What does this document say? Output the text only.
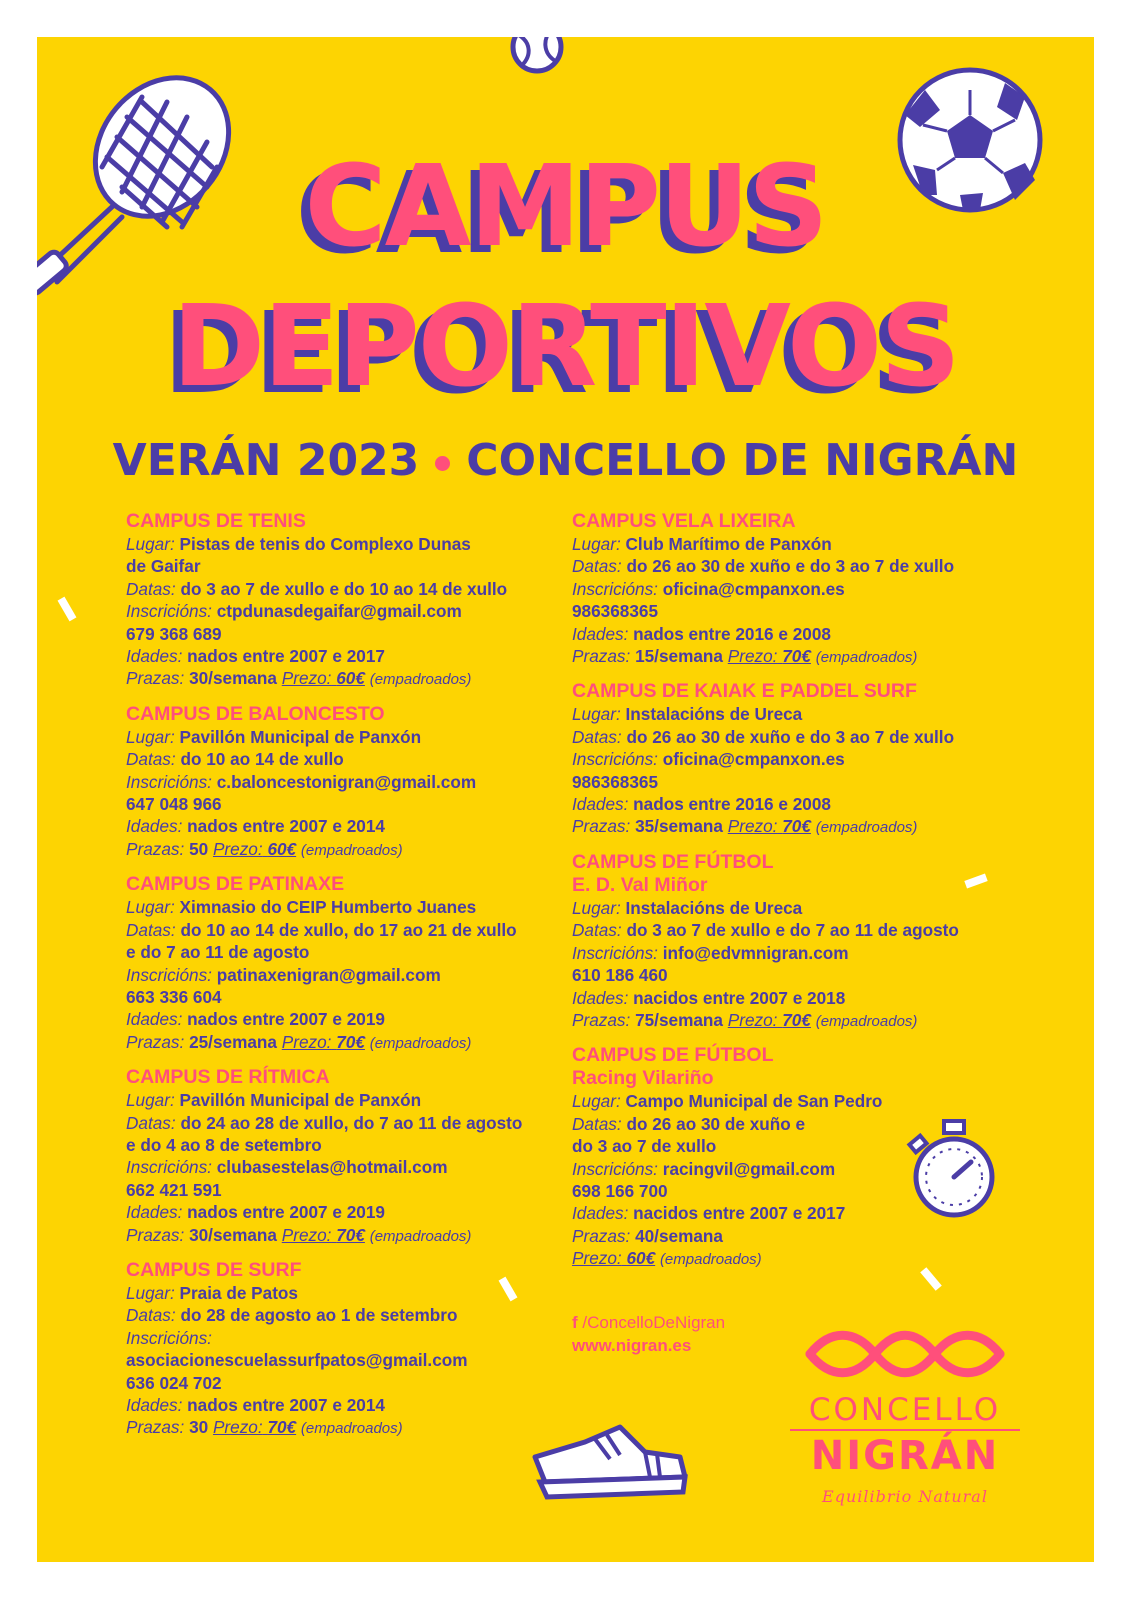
CAMPUS
DEPORTIVOS
VERÁN 2023 CONCELLO DE NIGRÁN
CAMPUS DE TENIS
Lugar: Pistas de tenis do Complexo Dunas
de Gaifar
Datas: do 3 ao 7 de xullo e do 10 ao 14 de xullo
Inscricións: ctpdunasdegaifar@gmail.com
679 368 689
Idades: nados entre 2007 e 2017
Prazas: 30/semana Prezo: 60€ (empadroados)
CAMPUS DE BALONCESTO
Lugar: Pavillón Municipal de Panxón
Datas: do 10 ao 14 de xullo
Inscricións: c.baloncestonigran@gmail.com
647 048 966
Idades: nados entre 2007 e 2014
Prazas: 50 Prezo: 60€ (empadroados)
CAMPUS DE PATINAXE
Lugar: Ximnasio do CEIP Humberto Juanes
Datas: do 10 ao 14 de xullo, do 17 ao 21 de xullo
e do 7 ao 11 de agosto
Inscricións: patinaxenigran@gmail.com
663 336 604
Idades: nados entre 2007 e 2019
Prazas: 25/semana Prezo: 70€ (empadroados)
CAMPUS DE RÍTMICA
Lugar: Pavillón Municipal de Panxón
Datas: do 24 ao 28 de xullo, do 7 ao 11 de agosto
e do 4 ao 8 de setembro
Inscricións: clubasestelas@hotmail.com
662 421 591
Idades: nados entre 2007 e 2019
Prazas: 30/semana Prezo: 70€ (empadroados)
CAMPUS DE SURF
Lugar: Praia de Patos
Datas: do 28 de agosto ao 1 de setembro
Inscricións:
asociacionescuelassurfpatos@gmail.com
636 024 702
Idades: nados entre 2007 e 2014
Prazas: 30 Prezo: 70€ (empadroados)
CAMPUS VELA LIXEIRA
Lugar: Club Marítimo de Panxón
Datas: do 26 ao 30 de xuño e do 3 ao 7 de xullo
Inscricións: oficina@cmpanxon.es
986368365
Idades: nados entre 2016 e 2008
Prazas: 15/semana Prezo: 70€ (empadroados)
CAMPUS DE KAIAK E PADDEL SURF
Lugar: Instalacións de Ureca
Datas: do 26 ao 30 de xuño e do 3 ao 7 de xullo
Inscricións: oficina@cmpanxon.es
986368365
Idades: nados entre 2016 e 2008
Prazas: 35/semana Prezo: 70€ (empadroados)
CAMPUS DE FÚTBOL
E. D. Val Miñor
Lugar: Instalacións de Ureca
Datas: do 3 ao 7 de xullo e do 7 ao 11 de agosto
Inscricións: info@edvmnigran.com
610 186 460
Idades: nacidos entre 2007 e 2018
Prazas: 75/semana Prezo: 70€ (empadroados)
CAMPUS DE FÚTBOL
Racing Vilariño
Lugar: Campo Municipal de San Pedro
Datas: do 26 ao 30 de xuño e
do 3 ao 7 de xullo
Inscricións: racingvil@gmail.com
698 166 700
Idades: nacidos entre 2007 e 2017
Prazas: 40/semana
Prezo: 60€ (empadroados)
f /ConcelloDeNigran
www.nigran.es
CONCELLO
NIGRÁN
Equilibrio Natural
